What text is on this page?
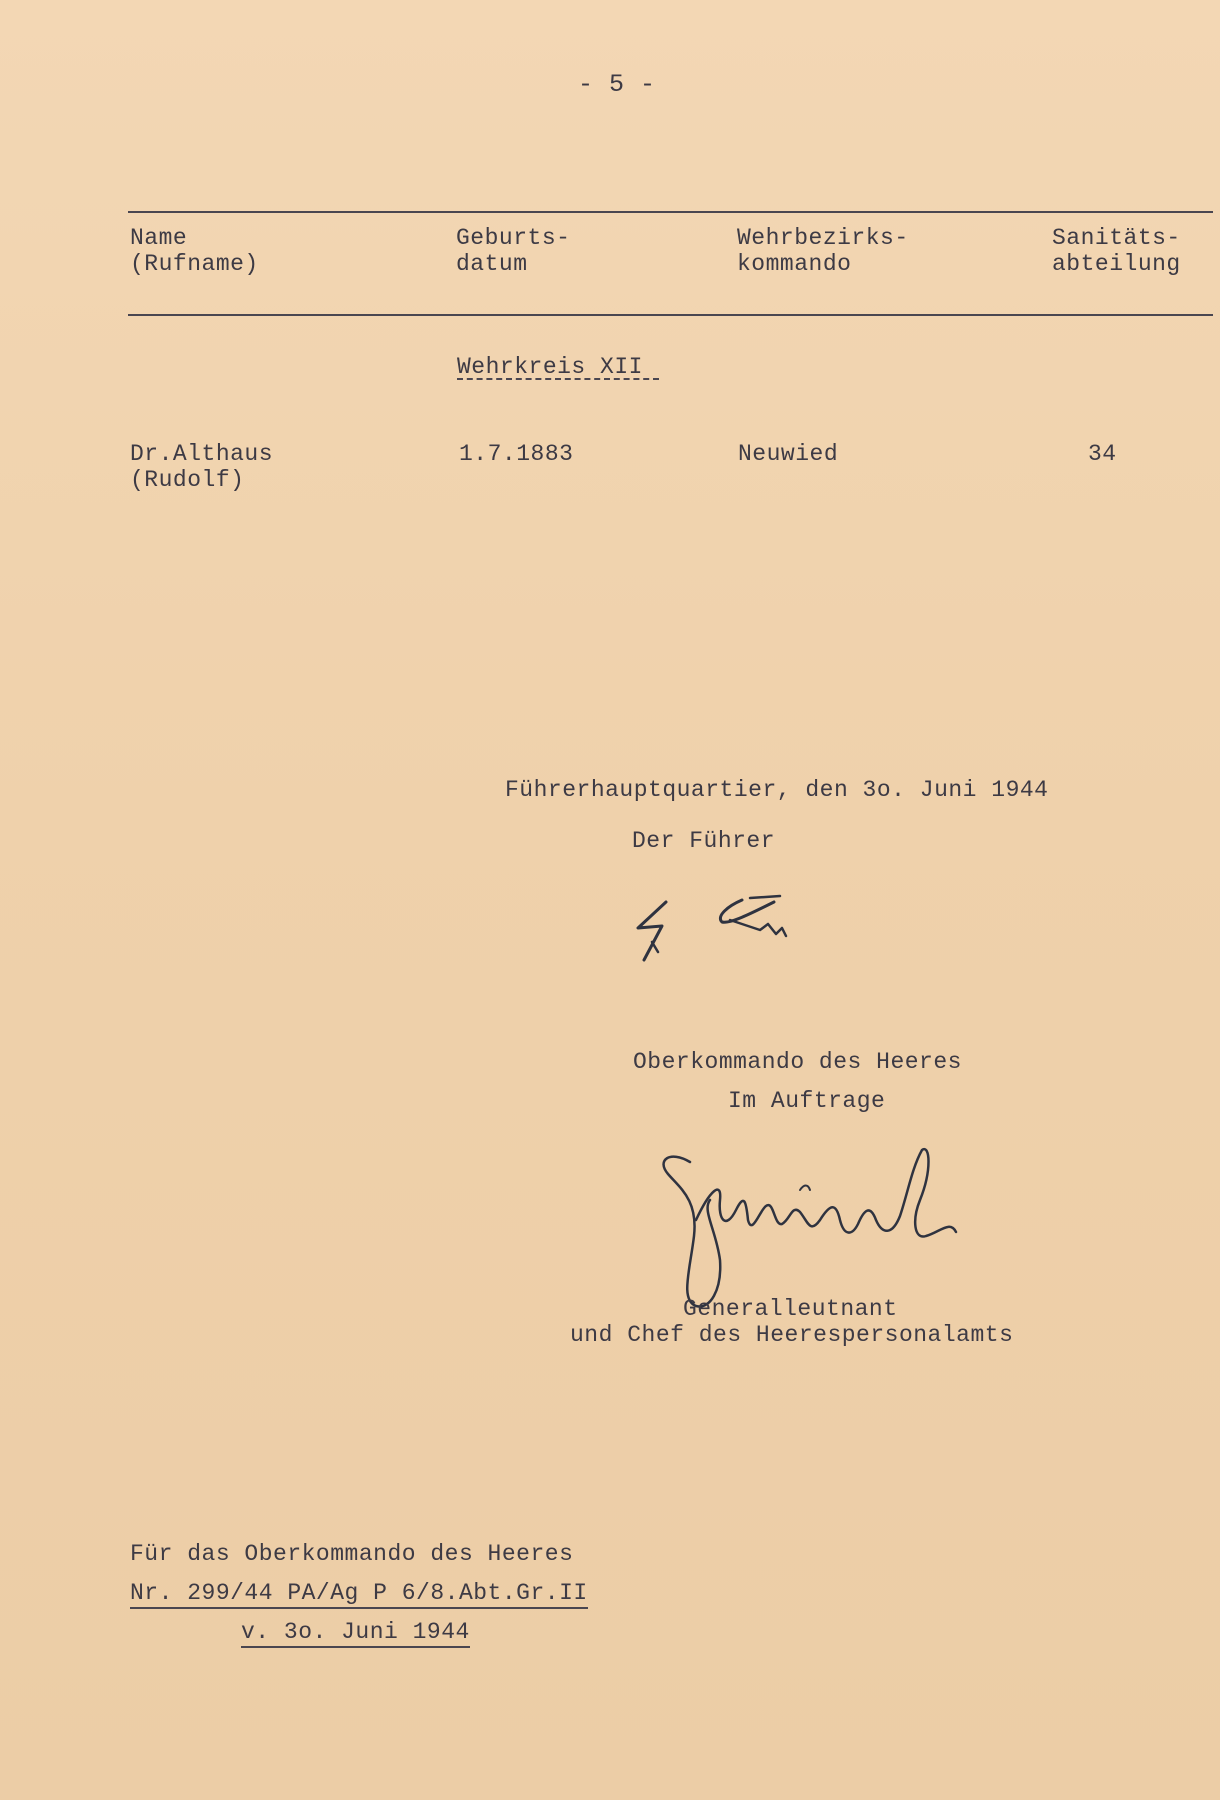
- 5 -
Name
(Rufname)
Geburts-
datum
Wehrbezirks-
kommando
Sanitäts-
abteilung
Wehrkreis XII
Dr.Althaus
(Rudolf)
1.7.1883	Neuwied	34
Führerhauptquartier, den 3o. Juni 1944
Der Führer
Oberkommando des Heeres
Im Auftrage
Generalleutnant
und Chef des Heerespersonalamts
Für das Oberkommando des Heeres
Nr. 299/44 PA/Ag P 6/8.Abt.Gr.II
v. 3o. Juni 1944
